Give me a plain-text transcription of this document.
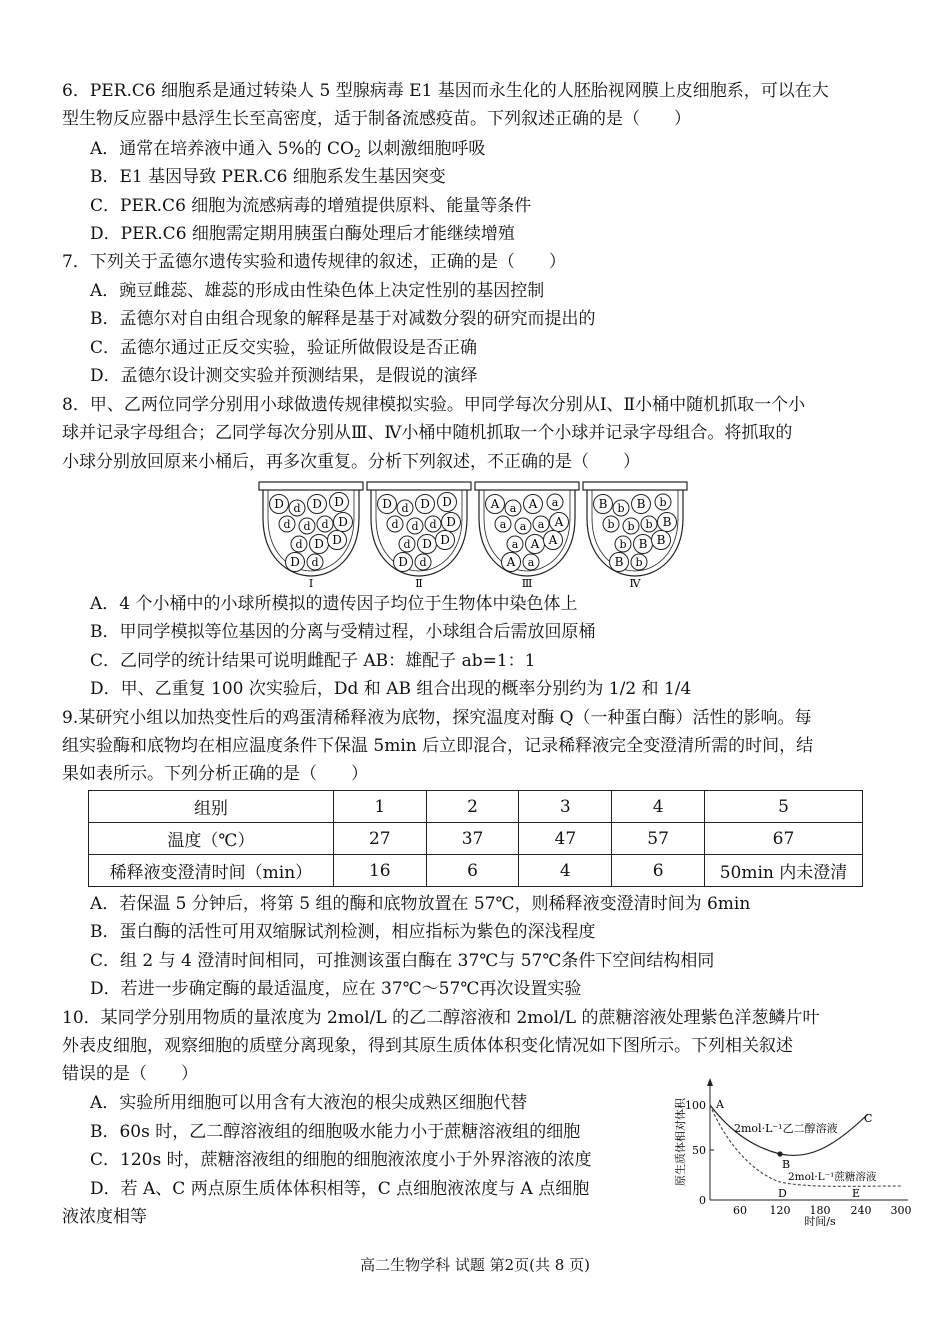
6．PER.C6 细胞系是通过转染人 5 型腺病毒 E1 基因而永生化的人胚胎视网膜上皮细胞系，可以在大
型生物反应器中悬浮生长至高密度，适于制备流感疫苗。下列叙述正确的是（　　）
A．通常在培养液中通入 5%的 $CO_2$ 以刺激细胞呼吸
B．E1 基因导致 PER.C6 细胞系发生基因突变
C．PER.C6 细胞为流感病毒的增殖提供原料、能量等条件
D．PER.C6 细胞需定期用胰蛋白酶处理后才能继续增殖
7．下列关于孟德尔遗传实验和遗传规律的叙述，正确的是（　　）
A．豌豆雌蕊、雄蕊的形成由性染色体上决定性别的基因控制
B．孟德尔对自由组合现象的解释是基于对减数分裂的研究而提出的
C．孟德尔通过正反交实验，验证所做假设是否正确
D．孟德尔设计测交实验并预测结果，是假说的演绎
8．甲、乙两位同学分别用小球做遗传规律模拟实验。甲同学每次分别从Ⅰ、Ⅱ小桶中随机抓取一个小
球并记录字母组合；乙同学每次分别从Ⅲ、Ⅳ小桶中随机抓取一个小球并记录字母组合。将抓取的
小球分别放回原来小桶后，再多次重复。分析下列叙述，不正确的是（　　）
D d D D
d d d D
d D D
d
D
Ⅰ
D d D D
d d d D
d D D
d
D
Ⅱ
A a A a
a a a A
a A A
a
A
Ⅲ
B b B b
b b b B
b B B
b
B
Ⅳ
A．4 个小桶中的小球所模拟的遗传因子均位于生物体中染色体上
B．甲同学模拟等位基因的分离与受精过程，小球组合后需放回原桶
C．乙同学的统计结果可说明雌配子 AB：雄配子 ab=1：1
D．甲、乙重复 100 次实验后，Dd 和 AB 组合出现的概率分别约为 1/2 和 1/4
9.某研究小组以加热变性后的鸡蛋清稀释液为底物，探究温度对酶 Q（一种蛋白酶）活性的影响。每
组实验酶和底物均在相应温度条件下保温 5min 后立即混合，记录稀释液完全变澄清所需的时间，结
果如表所示。下列分析正确的是（　　）
组别	1	2	3	4	5
温度（℃）	27	37	47	57	67
稀释液变澄清时间（min）	16	6	4	6	50min 内未澄清
A．若保温 5 分钟后，将第 5 组的酶和底物放置在 57℃，则稀释液变澄清时间为 6min
B．蛋白酶的活性可用双缩脲试剂检测，相应指标为紫色的深浅程度
C．组 2 与 4 澄清时间相同，可推测该蛋白酶在 37℃与 57℃条件下空间结构相同
D．若进一步确定酶的最适温度，应在 37℃～57℃再次设置实验
10．某同学分别用物质的量浓度为 2mol/L 的乙二醇溶液和 2mol/L 的蔗糖溶液处理紫色洋葱鳞片叶
外表皮细胞，观察细胞的质壁分离现象，得到其原生质体体积变化情况如下图所示。下列相关叙述
错误的是（　　）
A．实验所用细胞可以用含有大液泡的根尖成熟区细胞代替
B．60s 时，乙二醇溶液组的细胞吸水能力小于蔗糖溶液组的细胞
C．120s 时，蔗糖溶液组的细胞的细胞液浓度小于外界溶液的浓度
D．若 A、C 两点原生质体体积相等，C 点细胞液浓度与 A 点细胞
液浓度相等
原生质体相对体积
100
50
0
60 120 180 240 300
时间/s
A
B
C
D	E
2mol·L⁻¹乙二醇溶液
2mol·L⁻¹蔗糖溶液
高二生物学科 试题 第2页(共 8 页)
